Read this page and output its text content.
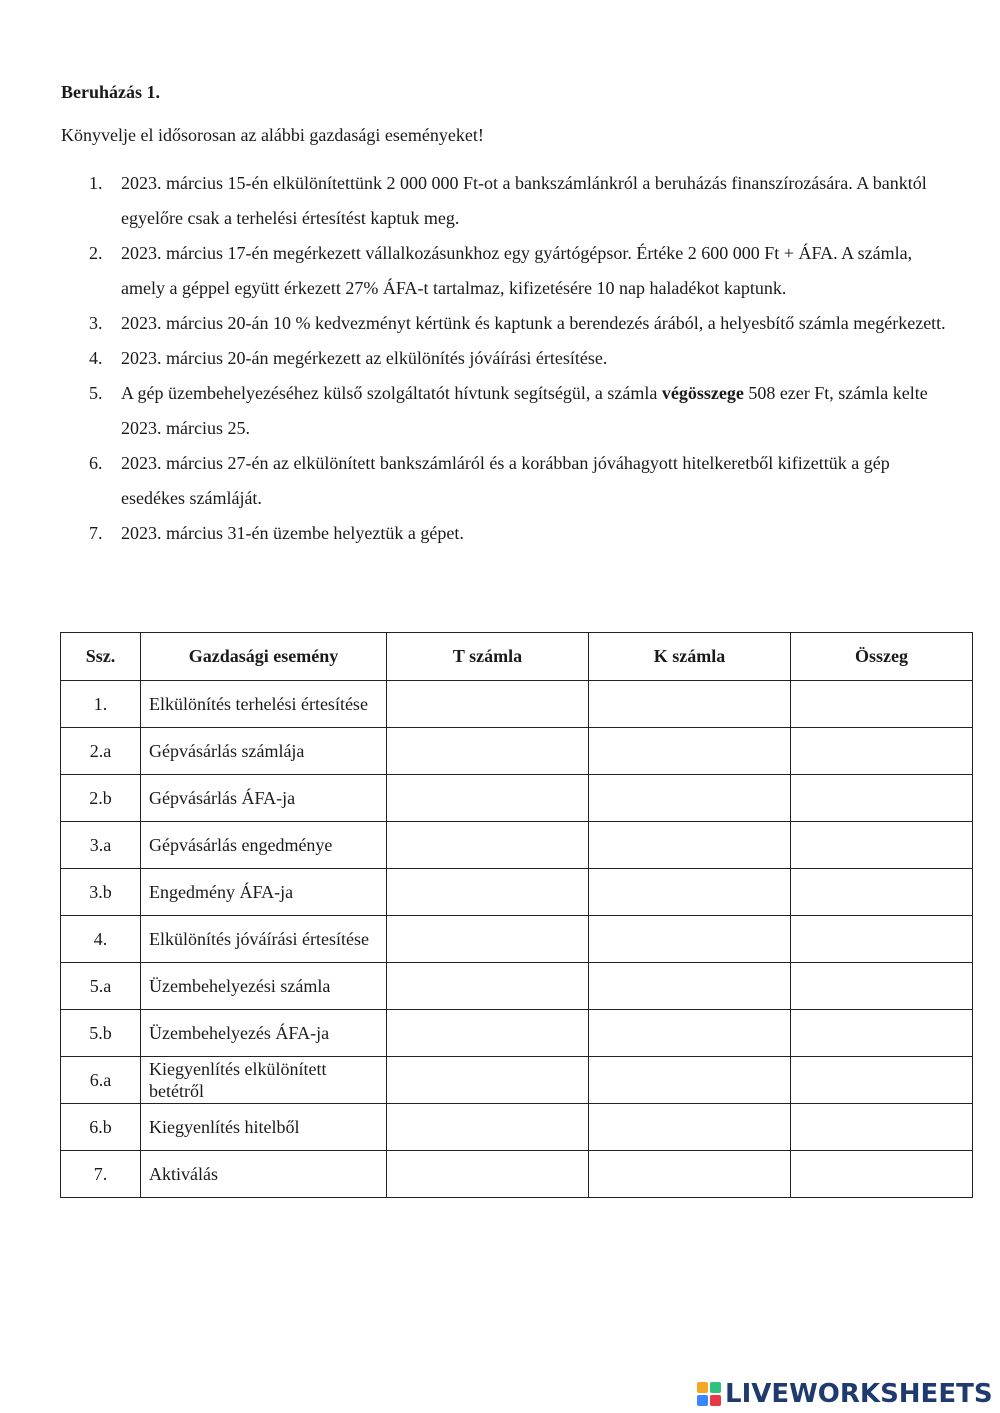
Beruházás 1.
Könyvelje el idősorosan az alábbi gazdasági eseményeket!
1. 2023. március 15-én elkülönítettünk 2 000 000 Ft-ot a bankszámlánkról a beruházás finanszírozására. A banktól egyelőre csak a terhelési értesítést kaptuk meg.
2. 2023. március 17-én megérkezett vállalkozásunkhoz egy gyártógépsor. Értéke 2 600 000 Ft + ÁFA. A számla, amely a géppel együtt érkezett 27% ÁFA-t tartalmaz, kifizetésére 10 nap haladékot kaptunk.
3. 2023. március 20-án 10 % kedvezményt kértünk és kaptunk a berendezés árából, a helyesbítő számla megérkezett.
4. 2023. március 20-án megérkezett az elkülönítés jóváírási értesítése.
5. A gép üzembehelyezéséhez külső szolgáltatót hívtunk segítségül, a számla végösszege 508 ezer Ft, számla kelte 2023. március 25.
6. 2023. március 27-én az elkülönített bankszámláról és a korábban jóváhagyott hitelkeretből kifizettük a gép esedékes számláját.
7. 2023. március 31-én üzembe helyeztük a gépet.
Ssz.	Gazdasági esemény	T számla	K számla	Összeg
1.	Elkülönítés terhelési értesítése			
2.a	Gépvásárlás számlája			
2.b	Gépvásárlás ÁFA-ja			
3.a	Gépvásárlás engedménye			
3.b	Engedmény ÁFA-ja			
4.	Elkülönítés jóváírási értesítése			
5.a	Üzembehelyezési számla			
5.b	Üzembehelyezés ÁFA-ja			
6.a	Kiegyenlítés elkülönített betétről			
6.b	Kiegyenlítés hitelből			
7.	Aktiválás			
LIVEWORKSHEETS
